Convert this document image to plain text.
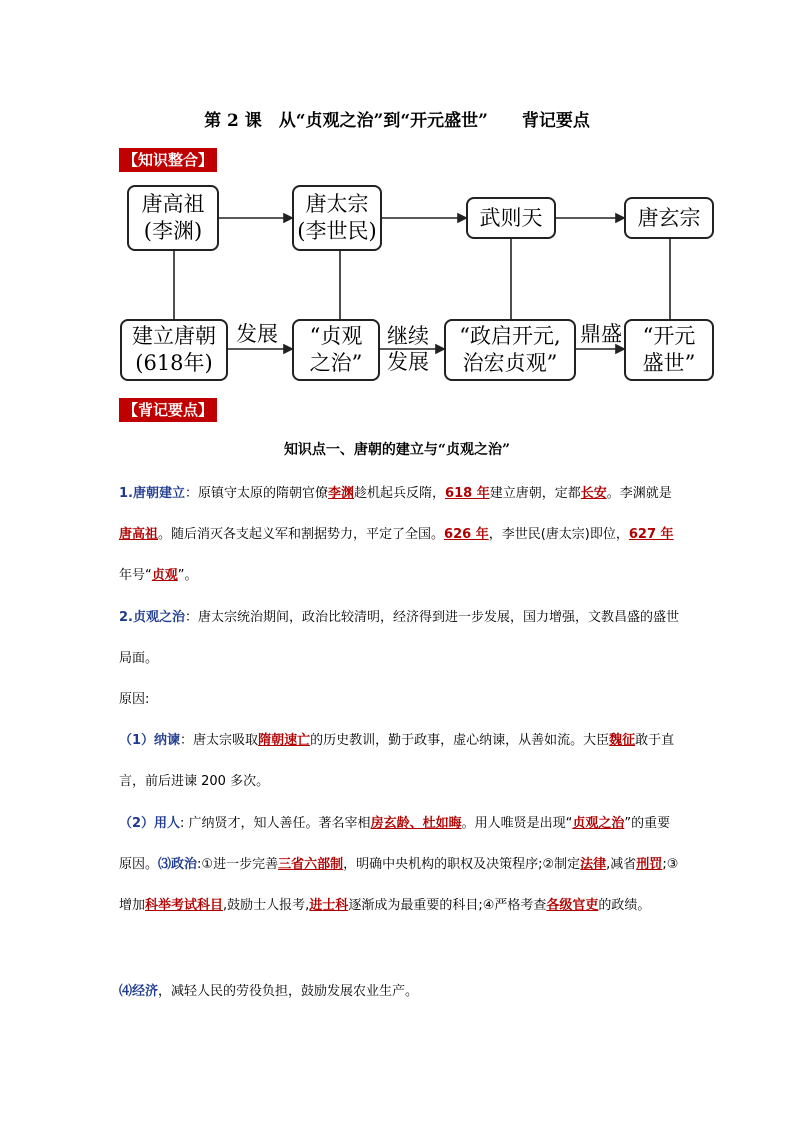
第 2 课　从“贞观之治”到“开元盛世”　　背记要点
【知识整合】
唐高祖
(李渊)
唐太宗
(李世民)
武则天	唐玄宗
建立唐朝
(618年)
“贞观
之治”
“政启开元,
治宏贞观”
“开元
盛世”
发展	继续
发展
鼎盛
【背记要点】
知识点一、唐朝的建立与“贞观之治”
1.唐朝建立：原镇守太原的隋朝官僚李渊趁机起兵反隋，618 年建立唐朝，定都长安。李渊就是唐高祖。随后消灭各支起义军和割据势力，平定了全国。626 年，李世民(唐太宗)即位，627 年年号“贞观”。
2.贞观之治：唐太宗统治期间，政治比较清明，经济得到进一步发展，国力增强，文教昌盛的盛世局面。
原因:
（1）纳谏：唐太宗吸取隋朝速亡的历史教训，勤于政事，虚心纳谏，从善如流。大臣魏征敢于直言，前后进谏 200 多次。
（2）用人: 广纳贤才，知人善任。著名宰相房玄龄、杜如晦。用人唯贤是出现“贞观之治”的重要原因。⑶政治:①进一步完善三省六部制，明确中央机构的职权及决策程序;②制定法律,减省刑罚;③增加科举考试科目,鼓励士人报考,进士科逐渐成为最重要的科目;④严格考查各级官吏的政绩。
⑷经济，减轻人民的劳役负担，鼓励发展农业生产。
